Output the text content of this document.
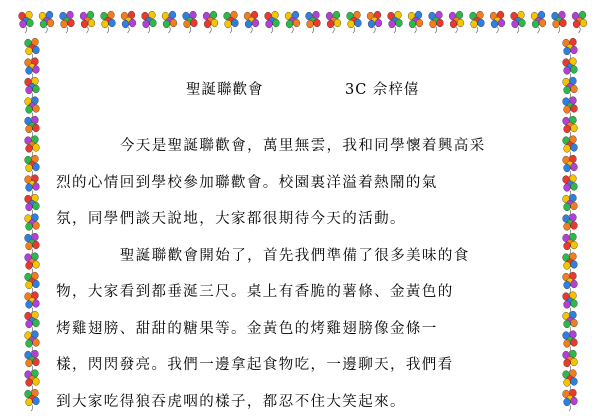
聖誕聯歡會	3C 佘梓僖

今天是聖誕聯歡會，萬里無雲，我和同學懷着興高采
烈的心情回到學校參加聯歡會。校園裏洋溢着熱鬧的氣
氛，同學們談天說地，大家都很期待今天的活動。

聖誕聯歡會開始了，首先我們準備了很多美味的食
物，大家看到都垂涎三尺。桌上有香脆的薯條、金黃色的
烤雞翅膀、甜甜的糖果等。金黃色的烤雞翅膀像金條一
樣，閃閃發亮。我們一邊拿起食物吃，一邊聊天，我們看
到大家吃得狼吞虎咽的樣子，都忍不住大笑起來。
